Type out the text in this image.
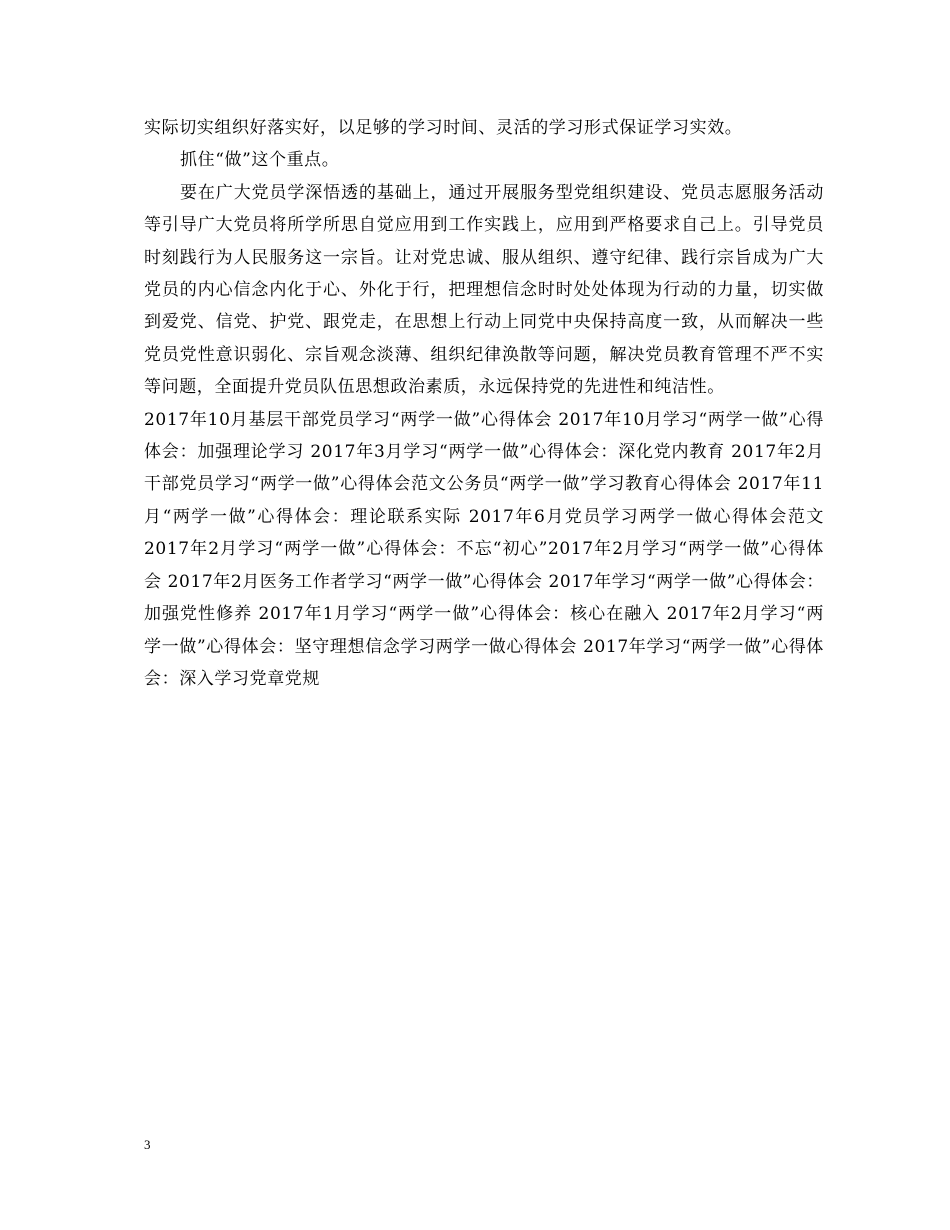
实际切实组织好落实好，以足够的学习时间、灵活的学习形式保证学习实效。

抓住“做”这个重点。

要在广大党员学深悟透的基础上，通过开展服务型党组织建设、党员志愿服务活动等引导广大党员将所学所思自觉应用到工作实践上，应用到严格要求自己上。引导党员时刻践行为人民服务这一宗旨。让对党忠诚、服从组织、遵守纪律、践行宗旨成为广大党员的内心信念内化于心、外化于行，把理想信念时时处处体现为行动的力量，切实做到爱党、信党、护党、跟党走，在思想上行动上同党中央保持高度一致，从而解决一些党员党性意识弱化、宗旨观念淡薄、组织纪律涣散等问题，解决党员教育管理不严不实等问题，全面提升党员队伍思想政治素质，永远保持党的先进性和纯洁性。

2017年10月基层干部党员学习“两学一做”心得体会 2017年10月学习“两学一做”心得体会：加强理论学习 2017年3月学习“两学一做”心得体会：深化党内教育 2017年2月干部党员学习“两学一做”心得体会范文公务员“两学一做”学习教育心得体会 2017年11月“两学一做”心得体会：理论联系实际 2017年6月党员学习两学一做心得体会范文 2017年2月学习“两学一做”心得体会：不忘“初心”2017年2月学习“两学一做”心得体会 2017年2月医务工作者学习“两学一做”心得体会 2017年学习“两学一做”心得体会：加强党性修养 2017年1月学习“两学一做”心得体会：核心在融入 2017年2月学习“两学一做”心得体会：坚守理想信念学习两学一做心得体会 2017年学习“两学一做”心得体会：深入学习党章党规

3
